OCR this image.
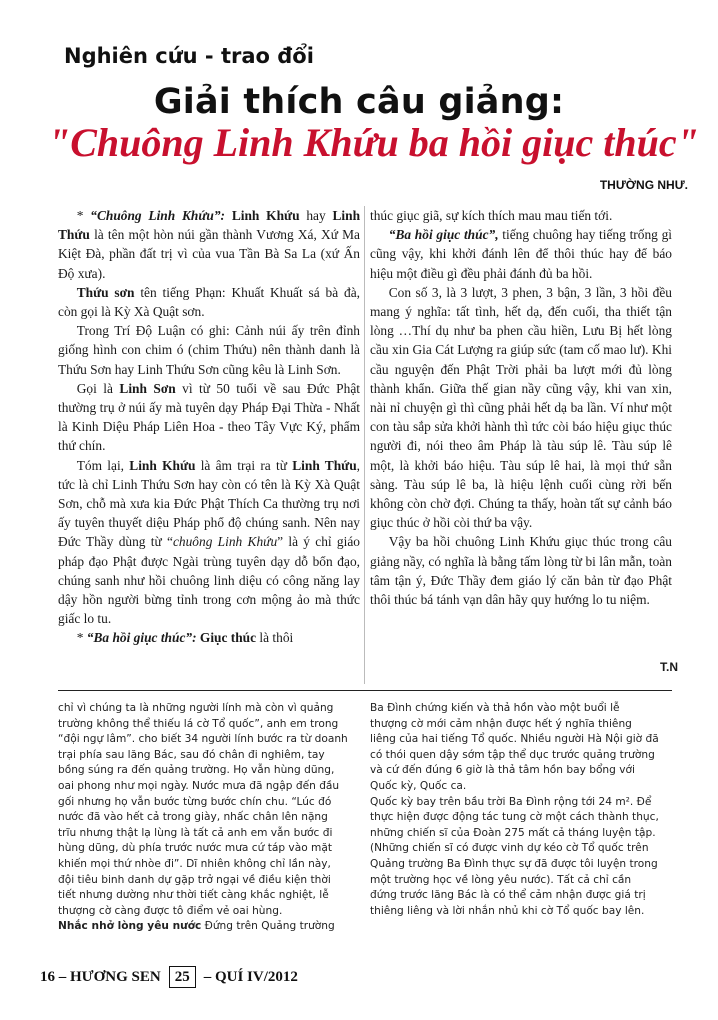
Nghiên cứu - trao đổi
Giải thích câu giảng:
"Chuông Linh Khứu ba hồi giục thúc"
THƯỜNG NHƯ.

* “Chuông Linh Khứu”: Linh Khứu hay Linh Thứu là tên một hòn núi gần thành Vương Xá, Xứ Ma Kiệt Đà, phần đất trị vì của vua Tần Bà Sa La (xứ Ấn Độ xưa).

Thứu sơn tên tiếng Phạn: Khuất Khuất sá bà đà, còn gọi là Kỳ Xà Quật sơn.

Trong Trí Độ Luận có ghi: Cảnh núi ấy trên đỉnh giống hình con chim ó (chim Thứu) nên thành danh là Thứu Sơn hay Linh Thứu Sơn cũng kêu là Linh Sơn.

Gọi là Linh Sơn vì từ 50 tuổi về sau Đức Phật thường trụ ở núi ấy mà tuyên dạy Pháp Đại Thừa - Nhất là Kinh Diệu Pháp Liên Hoa - theo Tây Vực Ký, phẩm thứ chín.

Tóm lại, Linh Khứu là âm trại ra từ Linh Thứu, tức là chỉ Linh Thứu Sơn hay còn có tên là Kỳ Xà Quật Sơn, chỗ mà xưa kia Đức Phật Thích Ca thường trụ nơi ấy tuyên thuyết diệu Pháp phổ độ chúng sanh. Nên nay Đức Thầy dùng từ “chuông Linh Khứu” là ý chỉ giáo pháp đạo Phật được Ngài trùng tuyên dạy dỗ bổn đạo, chúng sanh như hồi chuông linh diệu có công năng lay dậy hồn người bừng tỉnh trong cơn mộng ảo mà thức giấc lo tu.

* “Ba hồi giục thúc”: Giục thúc là thôi

thúc giục giã, sự kích thích mau mau tiến tới.

“Ba hồi giục thúc”, tiếng chuông hay tiếng trống gì cũng vậy, khi khởi đánh lên để thôi thúc hay để báo hiệu một điều gì đều phải đánh đủ ba hồi.

Con số 3, là 3 lượt, 3 phen, 3 bận, 3 lần, 3 hồi đều mang ý nghĩa: tất tình, hết dạ, đến cuối, tha thiết tận lòng …Thí dụ như ba phen cầu hiền, Lưu Bị hết lòng cầu xin Gia Cát Lượng ra giúp sức (tam cố mao lư). Khi cầu nguyện đến Phật Trời phải ba lượt mới đủ lòng thành khẩn. Giữa thế gian nầy cũng vậy, khi van xin, nài nỉ chuyện gì thì cũng phải hết dạ ba lần. Ví như một con tàu sắp sửa khởi hành thì tức còi báo hiệu giục thúc người đi, nói theo âm Pháp là tàu súp lê. Tàu súp lê một, là khởi báo hiệu. Tàu súp lê hai, là mọi thứ sẵn sàng. Tàu súp lê ba, là hiệu lệnh cuối cùng rời bến không còn chờ đợi. Chúng ta thấy, hoàn tất sự cảnh báo giục thúc ở hồi còi thứ ba vậy.

Vậy ba hồi chuông Linh Khứu giục thúc trong câu giảng nầy, có nghĩa là bằng tấm lòng từ bi lân mẫn, toàn tâm tận ý, Đức Thầy đem giáo lý căn bản từ đạo Phật thôi thúc bá tánh vạn dân hãy quy hướng lo tu niệm.

T.N

chỉ vì chúng ta là những người lính mà còn vì quảng trường không thể thiếu lá cờ Tổ quốc”, anh em trong “đội ngự lâm”. cho biết 34 người lính bước ra từ doanh trại phía sau lăng Bác, sau đó chân đi nghiêm, tay bồng súng ra đến quảng trường. Họ vẫn hùng dũng, oai phong như mọi ngày. Nước mưa đã ngập đến đầu gối nhưng họ vẫn bước từng bước chín chu. “Lúc đó nước đã vào hết cả trong giày, nhấc chân lên nặng trĩu nhưng thật lạ lùng là tất cả anh em vẫn bước đi hùng dũng, dù phía trước nước mưa cứ táp vào mặt khiến mọi thứ nhòe đi”. Dĩ nhiên không chỉ lần này, đội tiêu binh danh dự gặp trở ngại về điều kiện thời tiết nhưng dường như thời tiết càng khắc nghiệt, lễ thượng cờ càng được tô điểm vẻ oai hùng.

Nhắc nhở lòng yêu nước Đứng trên Quảng trường

Ba Đình chứng kiến và thả hồn vào một buổi lễ thượng cờ mới cảm nhận được hết ý nghĩa thiêng liêng của hai tiếng Tổ quốc. Nhiều người Hà Nội giờ đã có thói quen dậy sớm tập thể dục trước quảng trường và cứ đến đúng 6 giờ là thả tâm hồn bay bổng với Quốc kỳ, Quốc ca.

Quốc kỳ bay trên bầu trời Ba Đình rộng tới 24 m². Để thực hiện được động tác tung cờ một cách thành thục, những chiến sĩ của Đoàn 275 mất cả tháng luyện tập.

(Những chiến sĩ có được vinh dự kéo cờ Tổ quốc trên Quảng trường Ba Đình thực sự đã được tôi luyện trong một trường học về lòng yêu nước). Tất cả chỉ cần đứng trước lăng Bác là có thể cảm nhận được giá trị thiêng liêng và lời nhắn nhủ khi cờ Tổ quốc bay lên.

16 – HƯƠNG SEN 25 – QUÍ IV/2012
